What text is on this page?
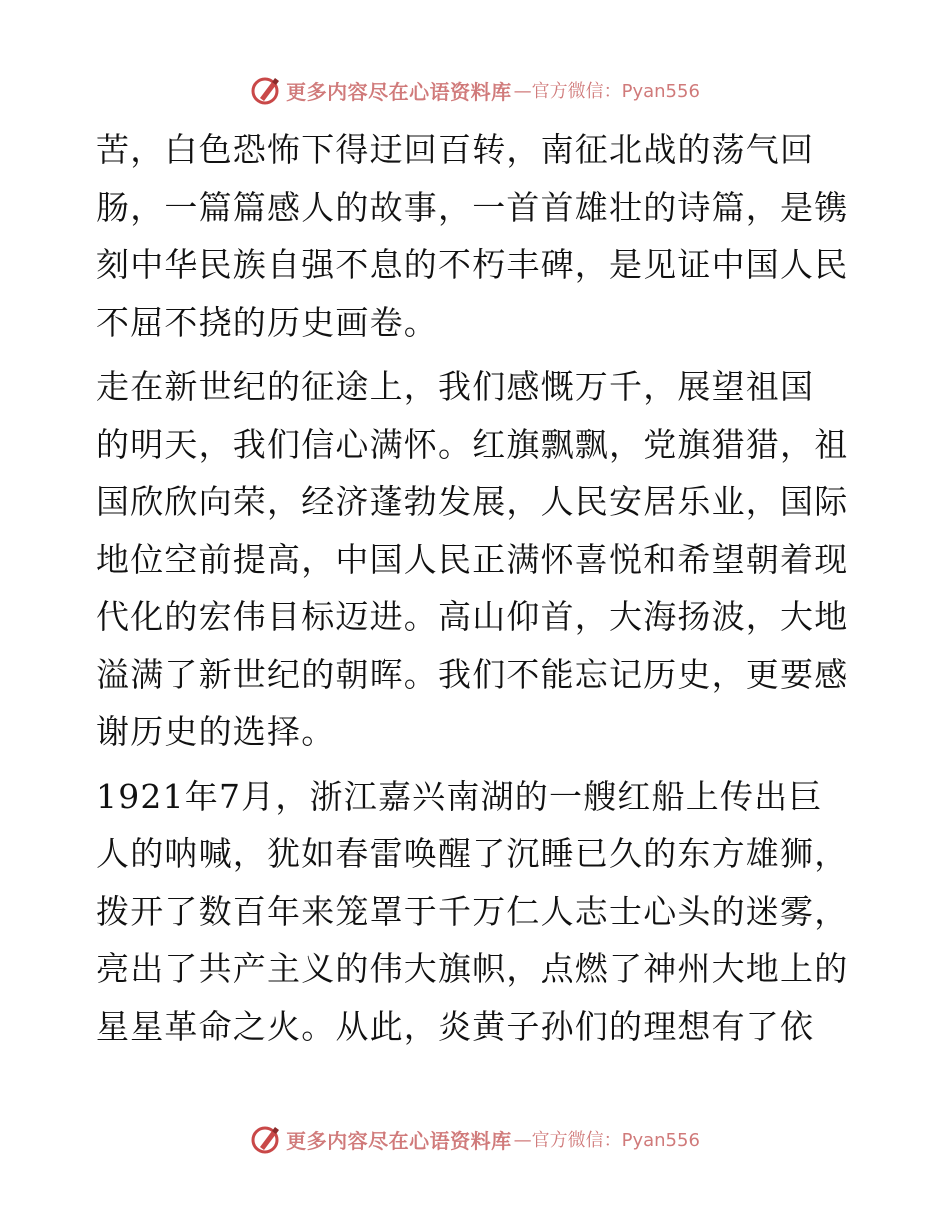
更多内容尽在心语资料库 —官方微信：Pyan556
苦，白色恐怖下得迂回百转，南征北战的荡气回
肠，一篇篇感人的故事，一首首雄壮的诗篇，是镌
刻中华民族自强不息的不朽丰碑，是见证中国人民
不屈不挠的历史画卷。
走在新世纪的征途上，我们感慨万千，展望祖国
的明天，我们信心满怀。红旗飘飘，党旗猎猎，祖
国欣欣向荣，经济蓬勃发展，人民安居乐业，国际
地位空前提高，中国人民正满怀喜悦和希望朝着现
代化的宏伟目标迈进。高山仰首，大海扬波，大地
溢满了新世纪的朝晖。我们不能忘记历史，更要感
谢历史的选择。
1921年7月，浙江嘉兴南湖的一艘红船上传出巨
人的呐喊，犹如春雷唤醒了沉睡已久的东方雄狮，
拨开了数百年来笼罩于千万仁人志士心头的迷雾，
亮出了共产主义的伟大旗帜，点燃了神州大地上的
星星革命之火。从此，炎黄子孙们的理想有了依
更多内容尽在心语资料库 —官方微信：Pyan556
